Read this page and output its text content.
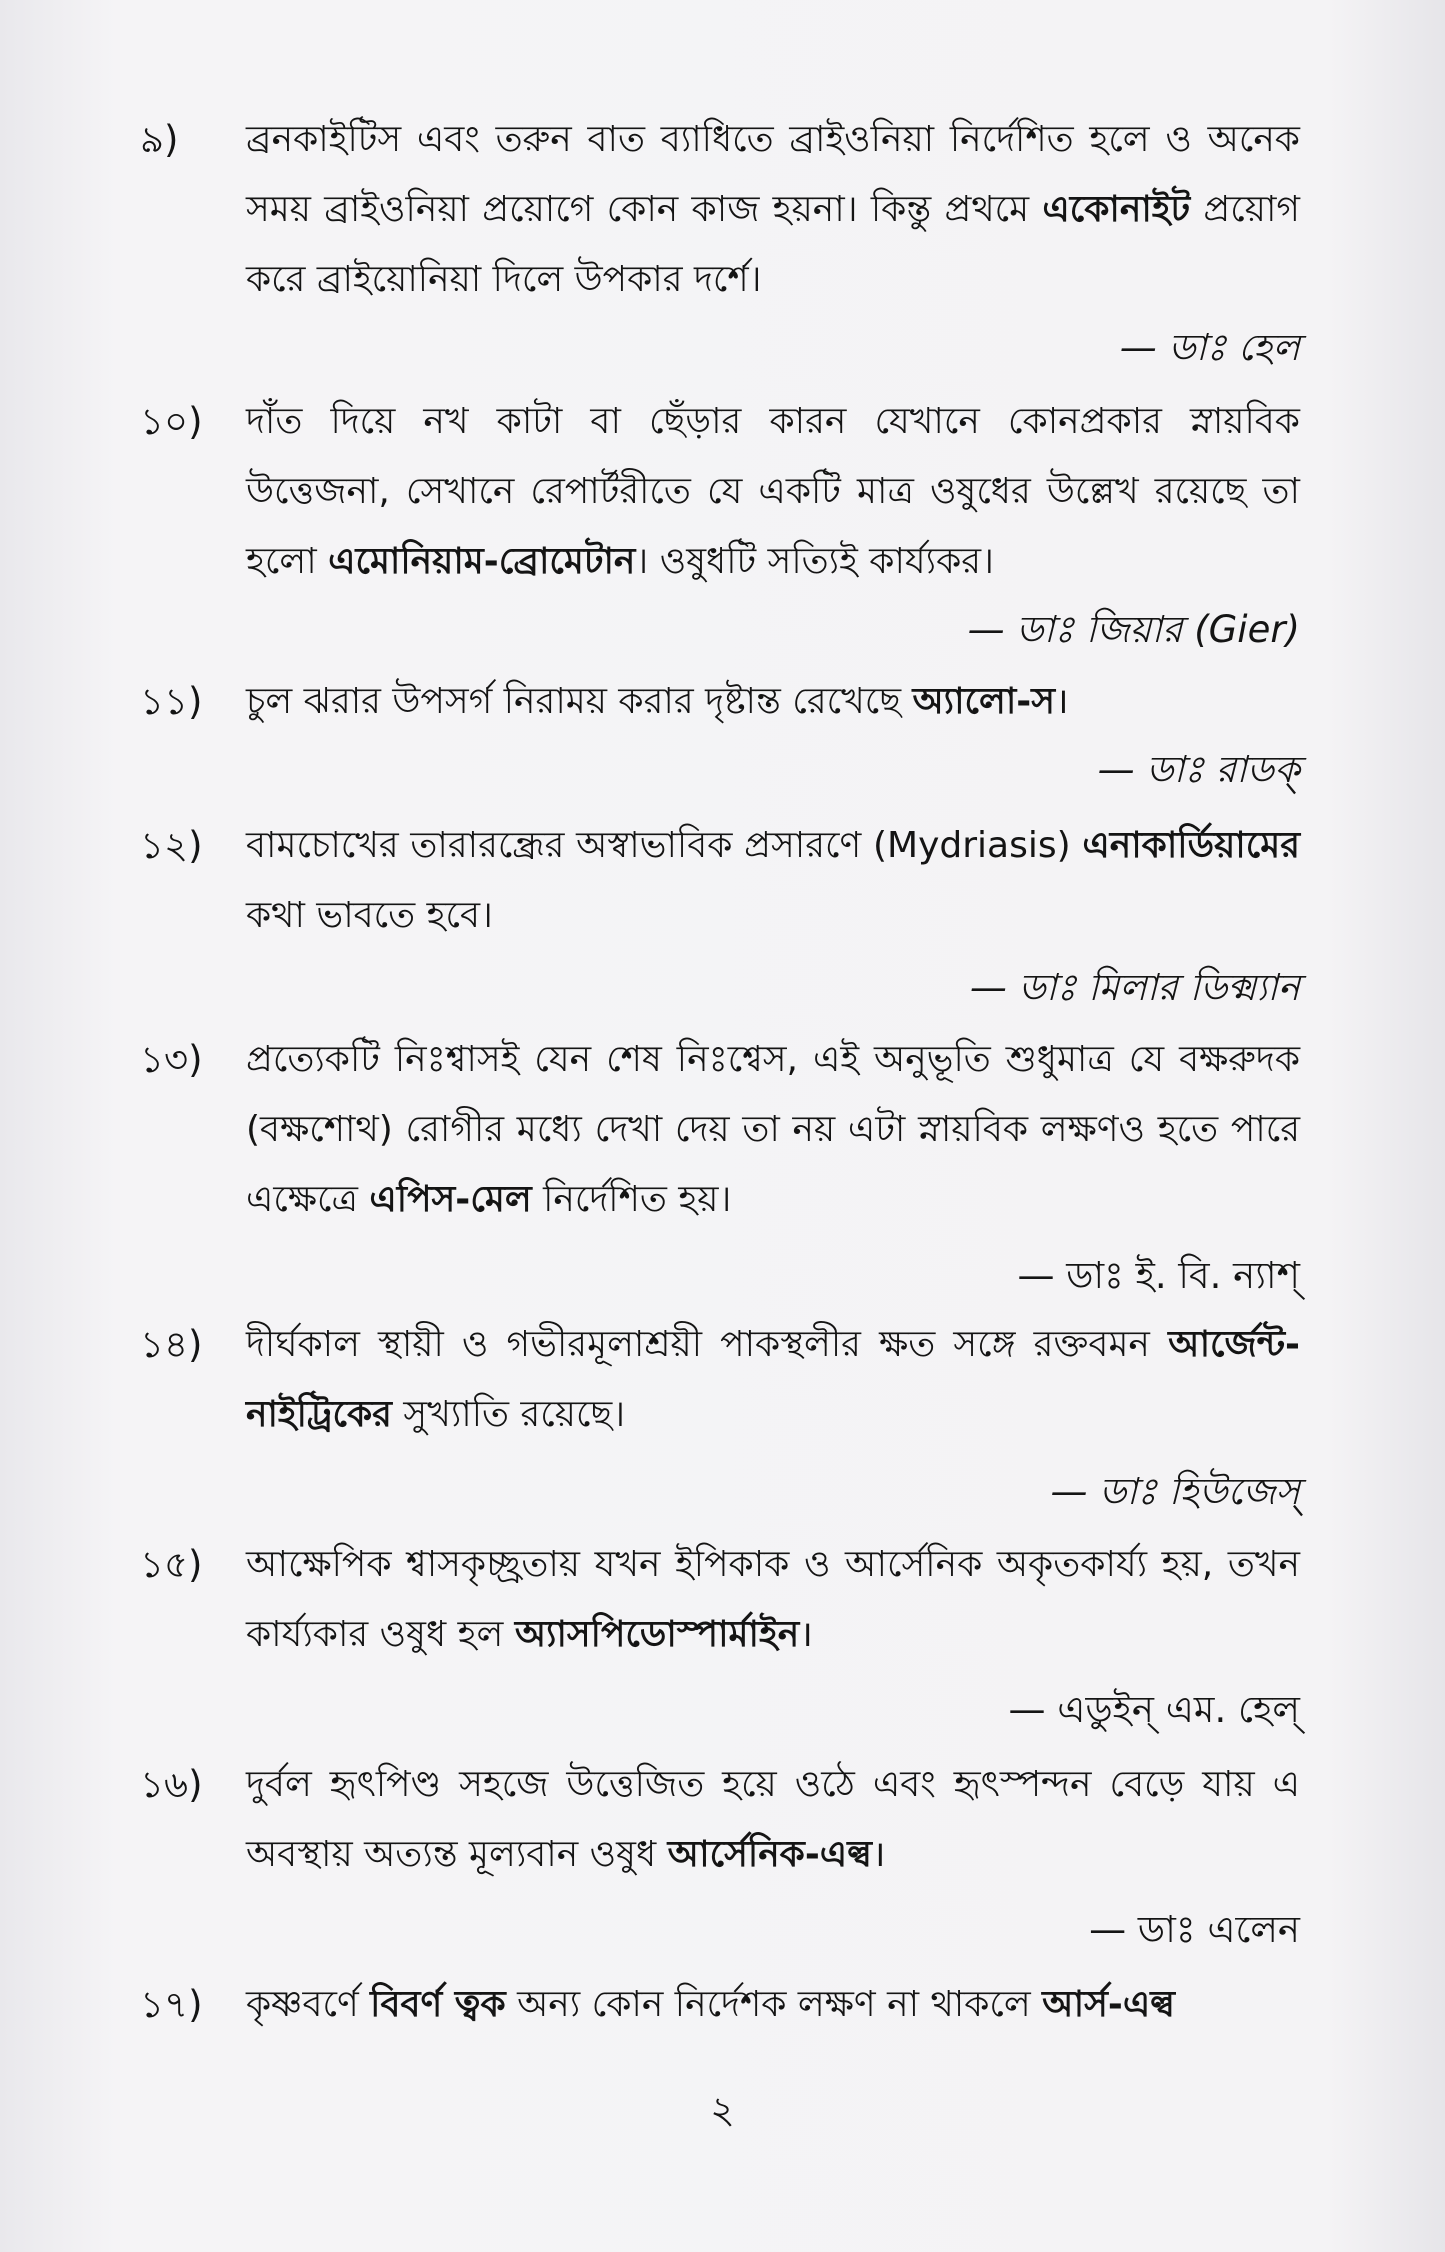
৯)	ব্রনকাইটিস এবং তরুন বাত ব্যাধিতে ব্রাইওনিয়া নির্দেশিত হলে ও অনেক সময় ব্রাইওনিয়া প্রয়োগে কোন কাজ হয়না। কিন্তু প্রথমে একোনাইট প্রয়োগ করে ব্রাইয়োনিয়া দিলে উপকার দর্শে।
— ডাঃ হেল
১০)	দাঁত দিয়ে নখ কাটা বা ছেঁড়ার কারন যেখানে কোনপ্রকার স্নায়বিক উত্তেজনা, সেখানে রেপার্টরীতে যে একটি মাত্র ওষুধের উল্লেখ রয়েছে তা হলো এমোনিয়াম-ব্রোমেটান। ওষুধটি সত্যিই কার্য্যকর।
— ডাঃ জিয়ার (Gier)
১১)	চুল ঝরার উপসর্গ নিরাময় করার দৃষ্টান্ত রেখেছে অ্যালো-স।
— ডাঃ রাডক্
১২)	বামচোখের তারারন্ধ্রের অস্বাভাবিক প্রসারণে (Mydriasis) এনাকার্ডিয়ামের কথা ভাবতে হবে।
— ডাঃ মিলার ডিক্ম্যান
১৩)	প্রত্যেকটি নিঃশ্বাসই যেন শেষ নিঃশ্বেস, এই অনুভূতি শুধুমাত্র যে বক্ষরুদক (বক্ষশোথ) রোগীর মধ্যে দেখা দেয় তা নয় এটা স্নায়বিক লক্ষণও হতে পারে এক্ষেত্রে এপিস-মেল নির্দেশিত হয়।
— ডাঃ ই. বি. ন্যাশ্
১৪)	দীর্ঘকাল স্থায়ী ও গভীরমূলাশ্রয়ী পাকস্থলীর ক্ষত সঙ্গে রক্তবমন আর্জেন্ট-নাইট্রিকের সুখ্যাতি রয়েছে।
— ডাঃ হিউজেস্
১৫)	আক্ষেপিক শ্বাসকৃচ্ছ্রতায় যখন ইপিকাক ও আর্সেনিক অকৃতকার্য্য হয়, তখন কার্য্যকার ওষুধ হল অ্যাসপিডোস্পার্মাইন।
— এডুইন্ এম. হেল্
১৬)	দুর্বল হৃৎপিণ্ড সহজে উত্তেজিত হয়ে ওঠে এবং হৃৎস্পন্দন বেড়ে যায় এ অবস্থায় অত্যন্ত মূল্যবান ওষুধ আর্সেনিক-এল্ব।
— ডাঃ এলেন
১৭)	কৃষ্ণবর্ণে বিবর্ণ ত্বক অন্য কোন নির্দেশক লক্ষণ না থাকলে আর্স-এল্ব
২
